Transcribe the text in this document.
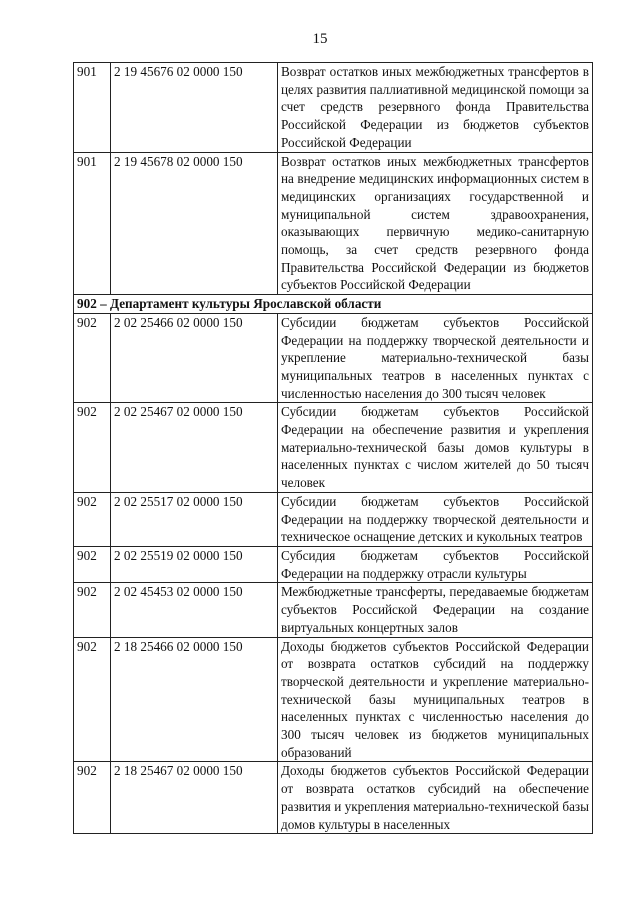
15
901	2 19 45676 02 0000 150	Возврат остатков иных межбюджетных трансфертов в целях развития паллиативной медицинской помощи за счет средств резервного фонда Правительства Российской Федерации из бюджетов субъектов Российской Федерации
901	2 19 45678 02 0000 150	Возврат остатков иных межбюджетных трансфертов на внедрение медицинских информационных систем в медицинских организациях государственной и муниципальной систем здравоохранения, оказывающих первичную медико-санитарную помощь, за счет средств резервного фонда Правительства Российской Федерации из бюджетов субъектов Российской Федерации
902 – Департамент культуры Ярославской области		
902	2 02 25466 02 0000 150	Субсидии бюджетам субъектов Российской Федерации на поддержку творческой деятельности и укрепление материально-технической базы муниципальных театров в населенных пунктах с численностью населения до 300 тысяч человек
902	2 02 25467 02 0000 150	Субсидии бюджетам субъектов Российской Федерации на обеспечение развития и укрепления материально-технической базы домов культуры в населенных пунктах с числом жителей до 50 тысяч человек
902	2 02 25517 02 0000 150	Субсидии бюджетам субъектов Российской Федерации на поддержку творческой деятельности и техническое оснащение детских и кукольных театров
902	2 02 25519 02 0000 150	Субсидия бюджетам субъектов Российской Федерации на поддержку отрасли культуры
902	2 02 45453 02 0000 150	Межбюджетные трансферты, передаваемые бюджетам субъектов Российской Федерации на создание виртуальных концертных залов
902	2 18 25466 02 0000 150	Доходы бюджетов субъектов Российской Федерации от возврата остатков субсидий на поддержку творческой деятельности и укрепление материально-технической базы муниципальных театров в населенных пунктах с численностью населения до 300 тысяч человек из бюджетов муниципальных образований
902	2 18 25467 02 0000 150	Доходы бюджетов субъектов Российской Федерации от возврата остатков субсидий на обеспечение развития и укрепления материально-технической базы домов культуры в населенных
